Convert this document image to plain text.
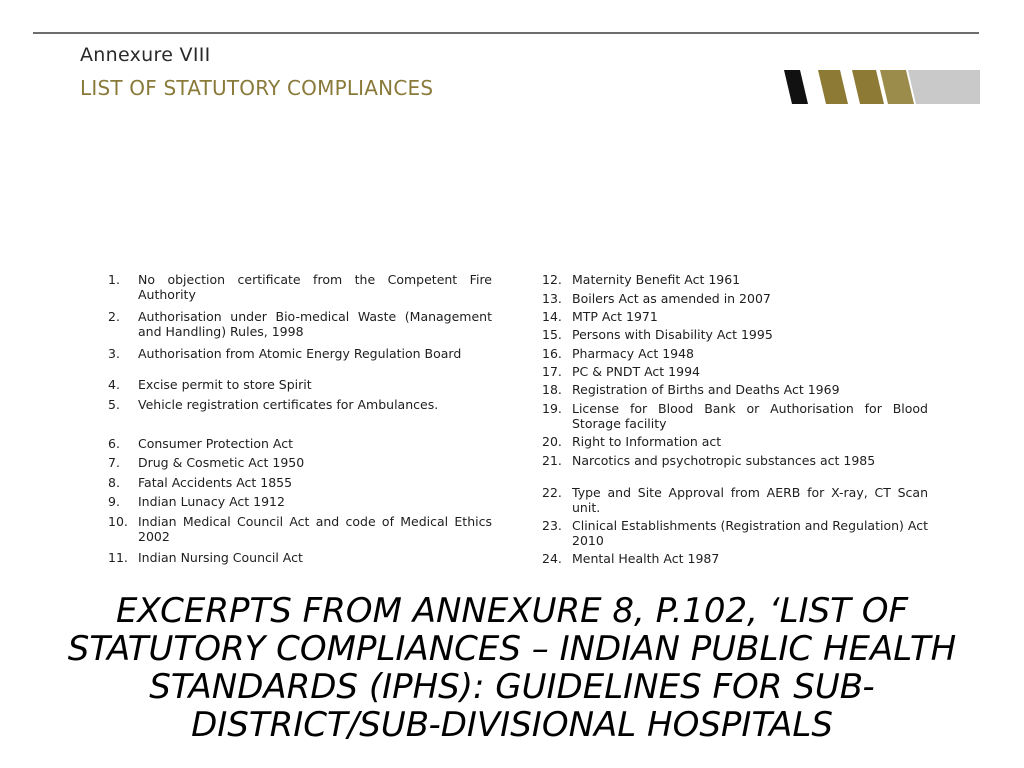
Annexure VIII
LIST OF STATUTORY COMPLIANCES
1.	No objection certificate from the Competent Fire Authority
2.	Authorisation under Bio-medical Waste (Management and Handling) Rules, 1998
3.	Authorisation from Atomic Energy Regulation Board
4.	Excise permit to store Spirit
5.	Vehicle registration certificates for Ambulances.
6.	Consumer Protection Act
7.	Drug & Cosmetic Act 1950
8.	Fatal Accidents Act 1855
9.	Indian Lunacy Act 1912
10. Indian Medical Council Act and code of Medical Ethics 2002
11. Indian Nursing Council Act
12. Maternity Benefit Act 1961
13. Boilers Act as amended in 2007
14. MTP Act 1971
15. Persons with Disability Act 1995
16. Pharmacy Act 1948
17. PC & PNDT Act 1994
18. Registration of Births and Deaths Act 1969
19. License for Blood Bank or Authorisation for Blood Storage facility
20. Right to Information act
21. Narcotics and psychotropic substances act 1985
22. Type and Site Approval from AERB for X-ray, CT Scan unit.
23. Clinical Establishments (Registration and Regulation) Act 2010
24. Mental Health Act 1987
EXCERPTS FROM ANNEXURE 8, P.102, ‘LIST OF STATUTORY COMPLIANCES – INDIAN PUBLIC HEALTH STANDARDS (IPHS): GUIDELINES FOR SUB-DISTRICT/SUB-DIVISIONAL HOSPITALS
